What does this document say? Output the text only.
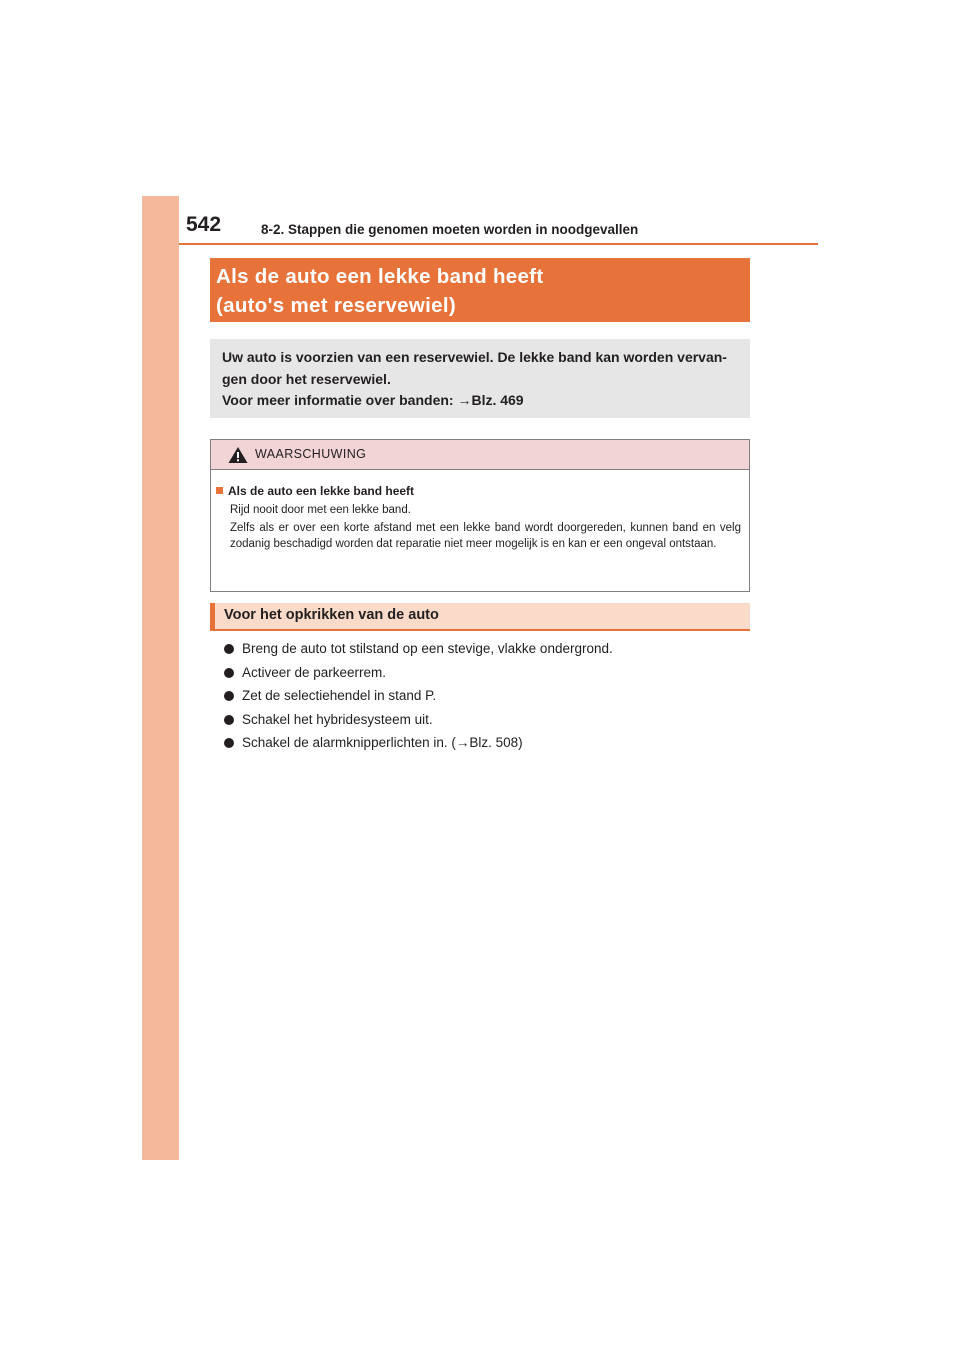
542	8-2. Stappen die genomen moeten worden in noodgevallen
Als de auto een lekke band heeft
(auto's met reservewiel)
Uw auto is voorzien van een reservewiel. De lekke band kan worden vervan-
gen door het reservewiel.
Voor meer informatie over banden: →Blz. 469
WAARSCHUWING
Als de auto een lekke band heeft
Rijd nooit door met een lekke band.
Zelfs als er over een korte afstand met een lekke band wordt doorgereden, kunnen band en velg zodanig beschadigd worden dat reparatie niet meer mogelijk is en kan er een ongeval ontstaan.
Voor het opkrikken van de auto
Breng de auto tot stilstand op een stevige, vlakke ondergrond.
Activeer de parkeerrem.
Zet de selectiehendel in stand P.
Schakel het hybridesysteem uit.
Schakel de alarmknipperlichten in. (→Blz. 508)
